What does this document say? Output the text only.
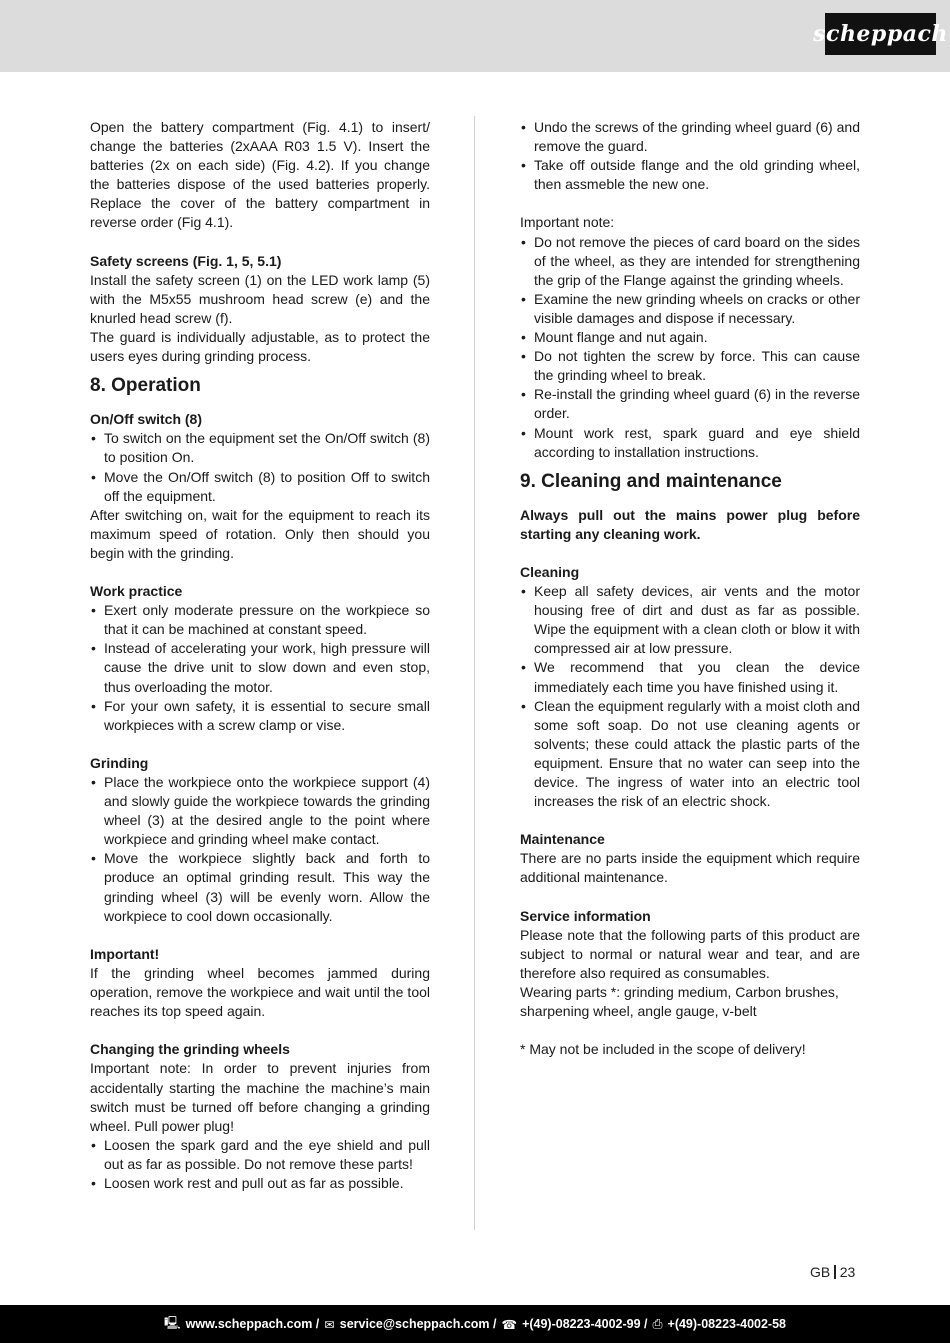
scheppach

Open the battery compartment (Fig. 4.1) to insert/ change the batteries (2xAAA R03 1.5 V). Insert the batteries (2x on each side) (Fig. 4.2). If you change the batteries dispose of the used batteries properly. Replace the cover of the battery compartment in reverse order (Fig 4.1).

Safety screens (Fig. 1, 5, 5.1)

Install the safety screen (1) on the LED work lamp (5) with the M5x55 mushroom head screw (e) and the knurled head screw (f).

The guard is individually adjustable, as to protect the users eyes during grinding process.

8. Operation
On/Off switch (8)
• To switch on the equipment set the On/Off switch (8) to position On.
• Move the On/Off switch (8) to position Off to switch off the equipment.

After switching on, wait for the equipment to reach its maximum speed of rotation. Only then should you begin with the grinding.

Work practice
• Exert only moderate pressure on the workpiece so that it can be machined at constant speed.
• Instead of accelerating your work, high pressure will cause the drive unit to slow down and even stop, thus overloading the motor.
• For your own safety, it is essential to secure small workpieces with a screw clamp or vise.
Grinding
• Place the workpiece onto the workpiece support (4) and slowly guide the workpiece towards the grinding wheel (3) at the desired angle to the point where workpiece and grinding wheel make contact.
• Move the workpiece slightly back and forth to produce an optimal grinding result. This way the grinding wheel (3) will be evenly worn. Allow the workpiece to cool down occasionally.
Important!

If the grinding wheel becomes jammed during operation, remove the workpiece and wait until the tool reaches its top speed again.

Changing the grinding wheels

Important note: In order to prevent injuries from accidentally starting the machine the machine’s main switch must be turned off before changing a grinding wheel. Pull power plug!

• Loosen the spark gard and the eye shield and pull out as far as possible. Do not remove these parts!
• Loosen work rest and pull out as far as possible.
• Undo the screws of the grinding wheel guard (6) and remove the guard.
• Take off outside flange and the old grinding wheel, then assmeble the new one.

Important note:

• Do not remove the pieces of card board on the sides of the wheel, as they are intended for strengthening the grip of the Flange against the grinding wheels.
• Examine the new grinding wheels on cracks or other visible damages and dispose if necessary.
• Mount flange and nut again.
• Do not tighten the screw by force. This can cause the grinding wheel to break.
• Re-install the grinding wheel guard (6) in the reverse order.
• Mount work rest, spark guard and eye shield according to installation instructions.
9. Cleaning and maintenance

Always pull out the mains power plug before starting any cleaning work.

Cleaning
• Keep all safety devices, air vents and the motor housing free of dirt and dust as far as possible. Wipe the equipment with a clean cloth or blow it with compressed air at low pressure.
• We recommend that you clean the device immediately each time you have finished using it.
• Clean the equipment regularly with a moist cloth and some soft soap. Do not use cleaning agents or solvents; these could attack the plastic parts of the equipment. Ensure that no water can seep into the device. The ingress of water into an electric tool increases the risk of an electric shock.
Maintenance

There are no parts inside the equipment which require additional maintenance.

Service information

Please note that the following parts of this product are subject to normal or natural wear and tear, and are therefore also required as consumables.

Wearing parts *: grinding medium, Carbon brushes, sharpening wheel, angle gauge, v-belt

* May not be included in the scope of delivery!

GB 23
🖳︎ www.scheppach.com / ✉ service@scheppach.com / ☎ +(49)-08223-4002-99 / ⎙ +(49)-08223-4002-58
